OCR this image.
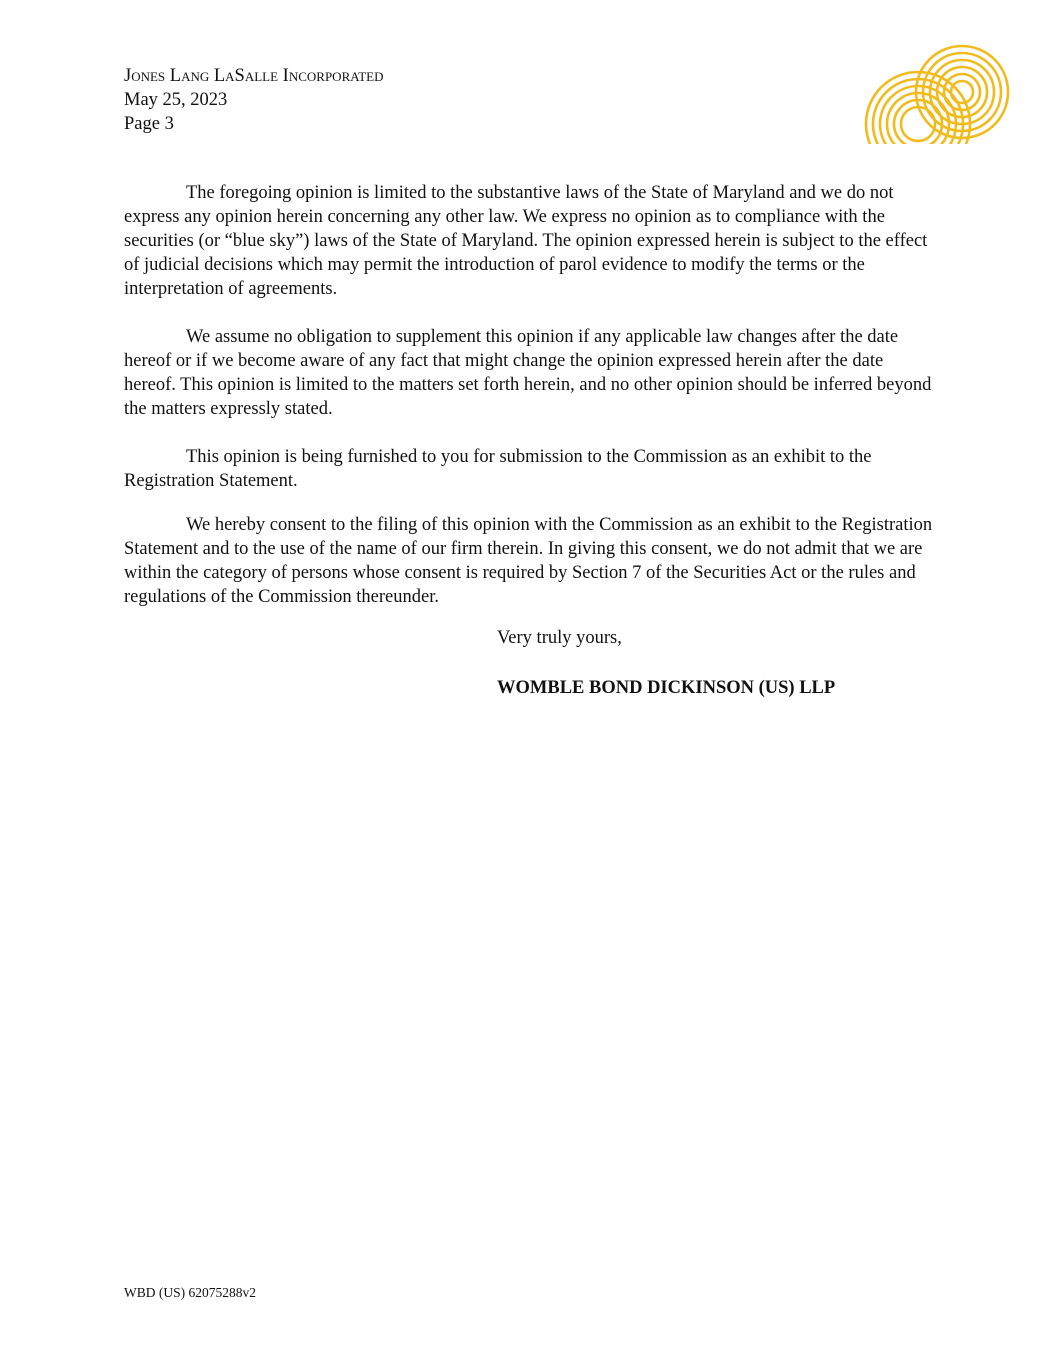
Jones Lang LaSalle Incorporated
May 25, 2023
Page 3

The foregoing opinion is limited to the substantive laws of the State of Maryland and we do not express any opinion herein concerning any other law. We express no opinion as to compliance with the securities (or “blue sky”) laws of the State of Maryland. The opinion expressed herein is subject to the effect of judicial decisions which may permit the introduction of parol evidence to modify the terms or the interpretation of agreements.

We assume no obligation to supplement this opinion if any applicable law changes after the date hereof or if we become aware of any fact that might change the opinion expressed herein after the date hereof. This opinion is limited to the matters set forth herein, and no other opinion should be inferred beyond the matters expressly stated.

This opinion is being furnished to you for submission to the Commission as an exhibit to the Registration Statement.

We hereby consent to the filing of this opinion with the Commission as an exhibit to the Registration Statement and to the use of the name of our firm therein. In giving this consent, we do not admit that we are within the category of persons whose consent is required by Section 7 of the Securities Act or the rules and regulations of the Commission thereunder.

Very truly yours,
WOMBLE BOND DICKINSON (US) LLP
WBD (US) 62075288v2
